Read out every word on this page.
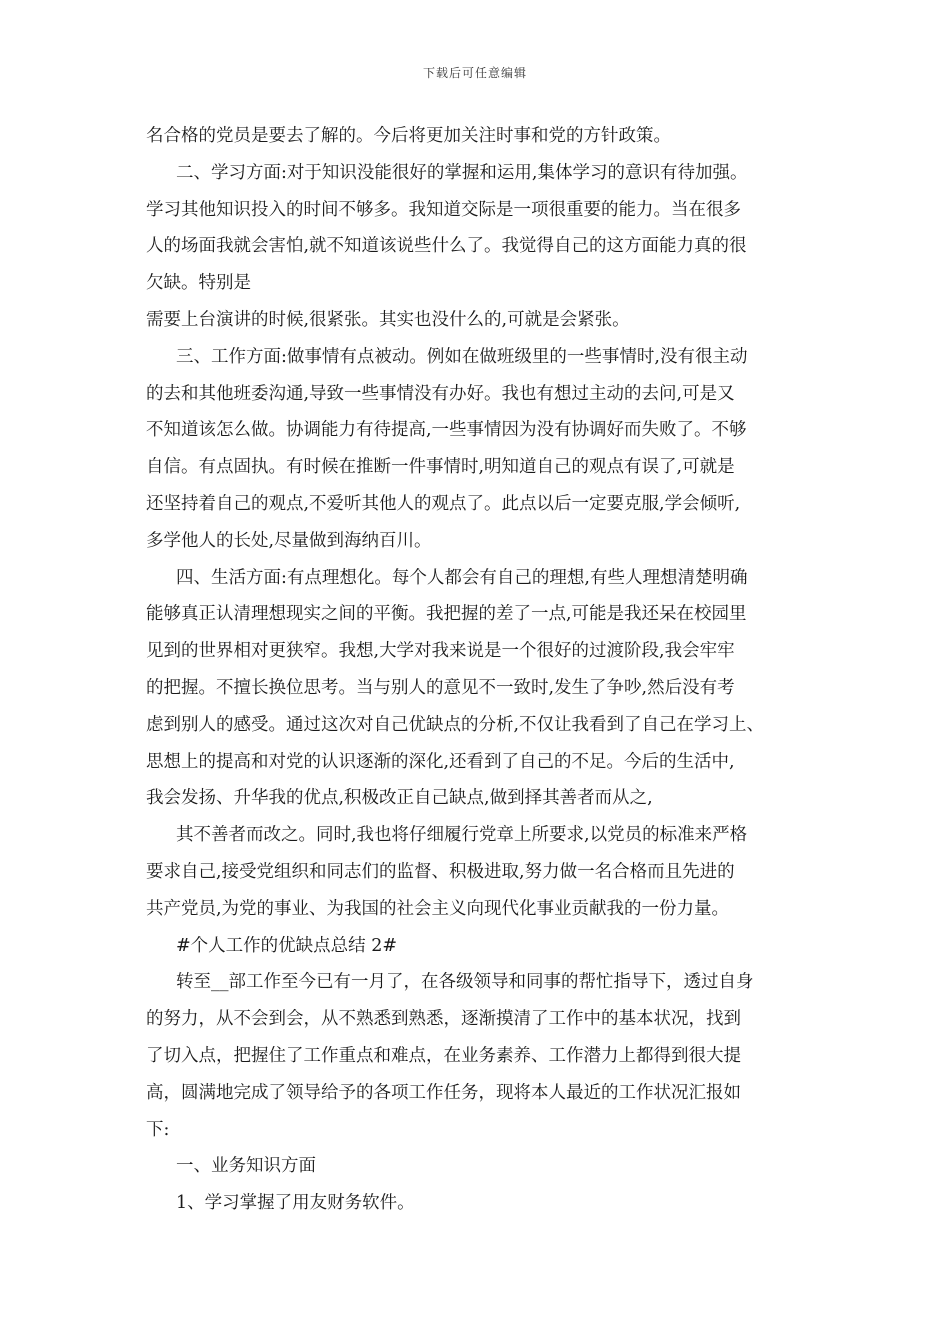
下载后可任意编辑
名合格的党员是要去了解的。今后将更加关注时事和党的方针政策。
二、学习方面:对于知识没能很好的掌握和运用,集体学习的意识有待加强。
学习其他知识投入的时间不够多。我知道交际是一项很重要的能力。当在很多
人的场面我就会害怕,就不知道该说些什么了。我觉得自己的这方面能力真的很
欠缺。特别是
需要上台演讲的时候,很紧张。其实也没什么的,可就是会紧张。
三、工作方面:做事情有点被动。例如在做班级里的一些事情时,没有很主动
的去和其他班委沟通,导致一些事情没有办好。我也有想过主动的去问,可是又
不知道该怎么做。协调能力有待提高,一些事情因为没有协调好而失败了。不够
自信。有点固执。有时候在推断一件事情时,明知道自己的观点有误了,可就是
还坚持着自己的观点,不爱听其他人的观点了。此点以后一定要克服,学会倾听,
多学他人的长处,尽量做到海纳百川。
四、生活方面:有点理想化。每个人都会有自己的理想,有些人理想清楚明确
能够真正认清理想现实之间的平衡。我把握的差了一点,可能是我还呆在校园里
见到的世界相对更狭窄。我想,大学对我来说是一个很好的过渡阶段,我会牢牢
的把握。不擅长换位思考。当与别人的意见不一致时,发生了争吵,然后没有考
虑到别人的感受。通过这次对自己优缺点的分析,不仅让我看到了自己在学习上、
思想上的提高和对党的认识逐渐的深化,还看到了自己的不足。今后的生活中,
我会发扬、升华我的优点,积极改正自己缺点,做到择其善者而从之,
其不善者而改之。同时,我也将仔细履行党章上所要求,以党员的标准来严格
要求自己,接受党组织和同志们的监督、积极进取,努力做一名合格而且先进的
共产党员,为党的事业、为我国的社会主义向现代化事业贡献我的一份力量。
#个人工作的优缺点总结 2#
转至__部工作至今已有一月了，在各级领导和同事的帮忙指导下，透过自身
的努力，从不会到会，从不熟悉到熟悉，逐渐摸清了工作中的基本状况，找到
了切入点，把握住了工作重点和难点，在业务素养、工作潜力上都得到很大提
高，圆满地完成了领导给予的各项工作任务，现将本人最近的工作状况汇报如
下:
一、业务知识方面
1、学习掌握了用友财务软件。
